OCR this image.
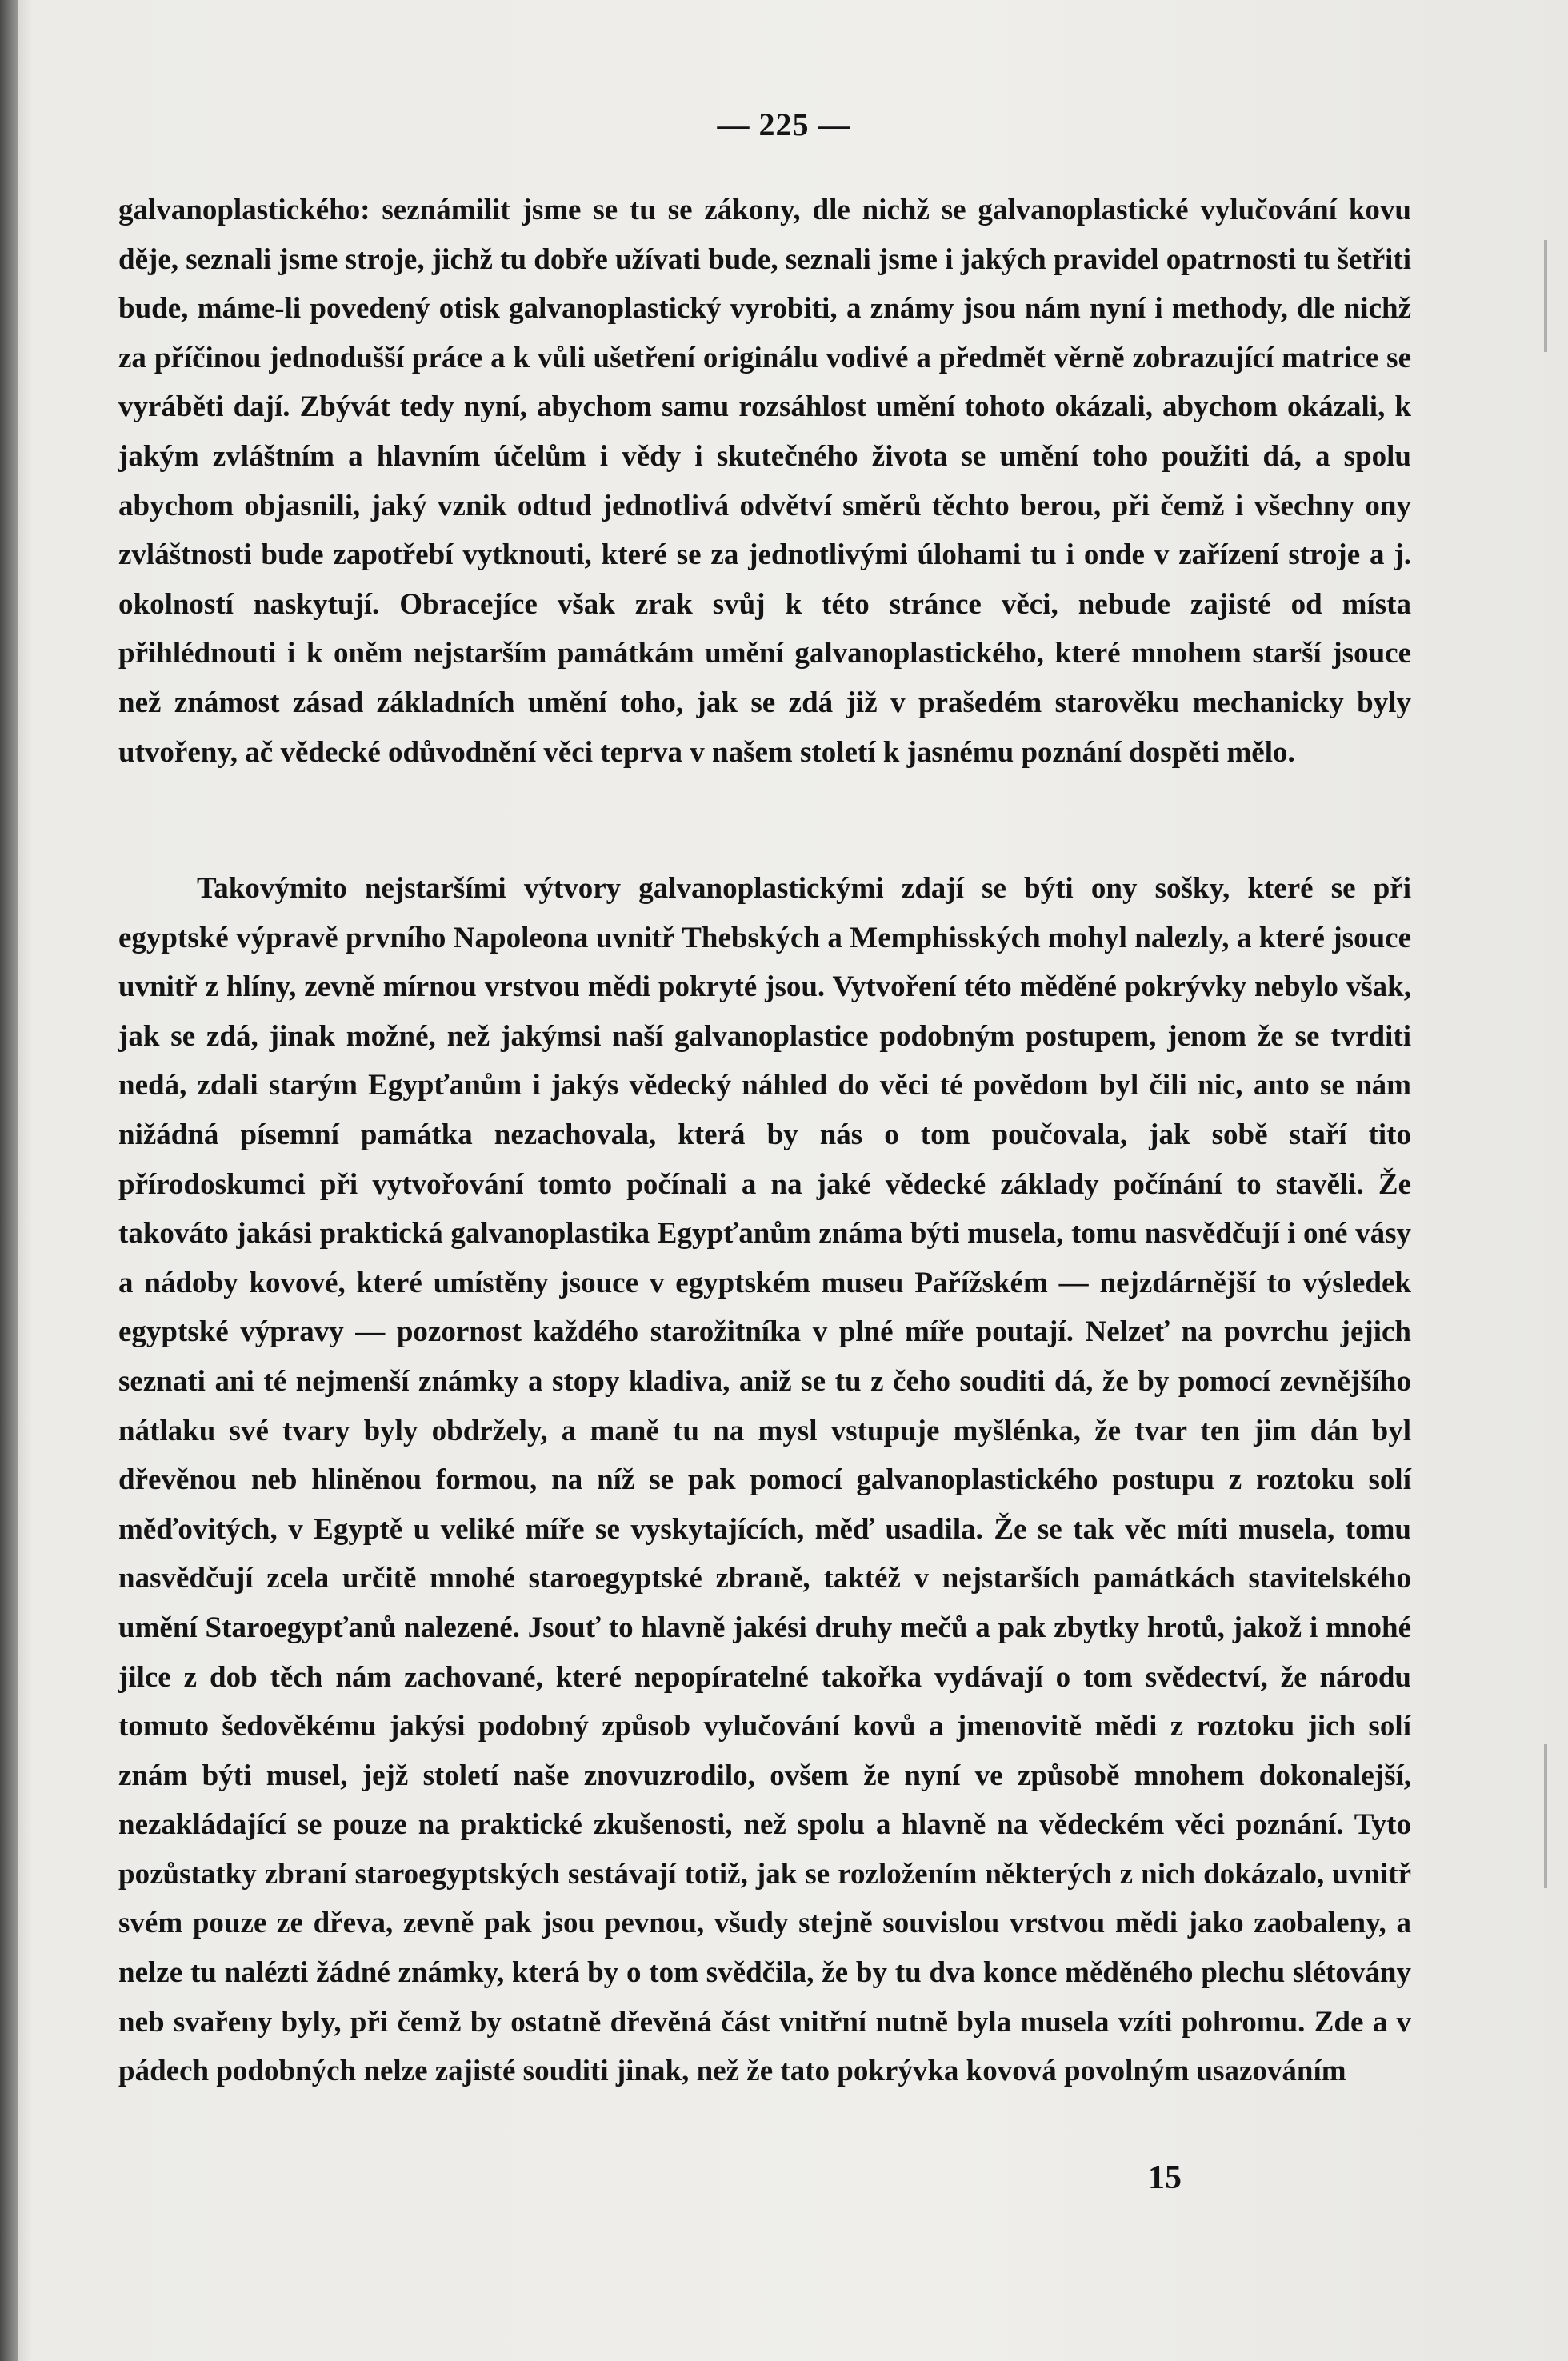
— 225 —

galvanoplastického: seznámilit jsme se tu se zákony, dle nichž se galvanoplastické vylučování kovu děje, seznali jsme stroje, jichž tu dobře užívati bude, seznali jsme i jakých pravidel opatrnosti tu šetřiti bude, máme-li povedený otisk galvanoplastický vyrobiti, a známy jsou nám nyní i methody, dle nichž za příčinou jednodušší práce a k vůli ušetření originálu vodivé a předmět věrně zobrazující matrice se vyráběti dají. Zbývát tedy nyní, abychom samu rozsáhlost umění tohoto okázali, abychom okázali, k jakým zvláštním a hlavním účelům i vědy i skutečného života se umění toho použiti dá, a spolu abychom objasnili, jaký vznik odtud jednotlivá odvětví směrů těchto berou, při čemž i všechny ony zvláštnosti bude zapotřebí vytknouti, které se za jednotlivými úlohami tu i onde v zařízení stroje a j. okolností naskytují. Obracejíce však zrak svůj k této stránce věci, nebude zajisté od místa přihlédnouti i k oněm nejstarším památkám umění galvanoplastického, které mnohem starší jsouce než známost zásad základních umění toho, jak se zdá již v prašedém starověku mechanicky byly utvořeny, ač vědecké odůvodnění věci teprva v našem století k jasnému poznání dospěti mělo.

Takovýmito nejstaršími výtvory galvanoplastickými zdají se býti ony sošky, které se při egyptské výpravě prvního Napoleona uvnitř Thebských a Memphisských mohyl nalezly, a které jsouce uvnitř z hlíny, zevně mírnou vrstvou mědi pokryté jsou. Vytvoření této měděné pokrývky nebylo však, jak se zdá, jinak možné, než jakýmsi naší galvanoplastice podobným postupem, jenom že se tvrditi nedá, zdali starým Egypťanům i jakýs vědecký náhled do věci té povědom byl čili nic, anto se nám nižádná písemní památka nezachovala, která by nás o tom poučovala, jak sobě staří tito přírodoskumci při vytvořování tomto počínali a na jaké vědecké základy počínání to stavěli. Že takováto jakási praktická galvanoplastika Egypťanům známa býti musela, tomu nasvědčují i oné vásy a nádoby kovové, které umístěny jsouce v egyptském museu Pařížském — nejzdárnější to výsledek egyptské výpravy — pozornost každého starožitníka v plné míře poutají. Nelzeť na povrchu jejich seznati ani té nejmenší známky a stopy kladiva, aniž se tu z čeho souditi dá, že by pomocí zevnějšího nátlaku své tvary byly obdržely, a maně tu na mysl vstupuje myšlénka, že tvar ten jim dán byl dřevěnou neb hliněnou formou, na níž se pak pomocí galvanoplastického postupu z roztoku solí měďovitých, v Egyptě u veliké míře se vyskytajících, měď usadila. Že se tak věc míti musela, tomu nasvědčují zcela určitě mnohé staroegyptské zbraně, taktéž v nejstarších památkách stavitelského umění Staroegypťanů nalezené. Jsouť to hlavně jakési druhy mečů a pak zbytky hrotů, jakož i mnohé jilce z dob těch nám zachované, které nepopíratelné takořka vydávají o tom svědectví, že národu tomuto šedověkému jakýsi podobný způsob vylučování kovů a jmenovitě mědi z roztoku jich solí znám býti musel, jejž století naše znovuzrodilo, ovšem že nyní ve způsobě mnohem dokonalejší, nezakládající se pouze na praktické zkušenosti, než spolu a hlavně na vědeckém věci poznání. Tyto pozůstatky zbraní staroegyptských sestávají totiž, jak se rozložením některých z nich dokázalo, uvnitř svém pouze ze dřeva, zevně pak jsou pevnou, všudy stejně souvislou vrstvou mědi jako zaobaleny, a nelze tu nalézti žádné známky, která by o tom svědčila, že by tu dva konce měděného plechu slétovány neb svařeny byly, při čemž by ostatně dřevěná část vnitřní nutně byla musela vzíti pohromu. Zde a v pádech podobných nelze zajisté souditi jinak, než že tato pokrývka kovová povolným usazováním

15
